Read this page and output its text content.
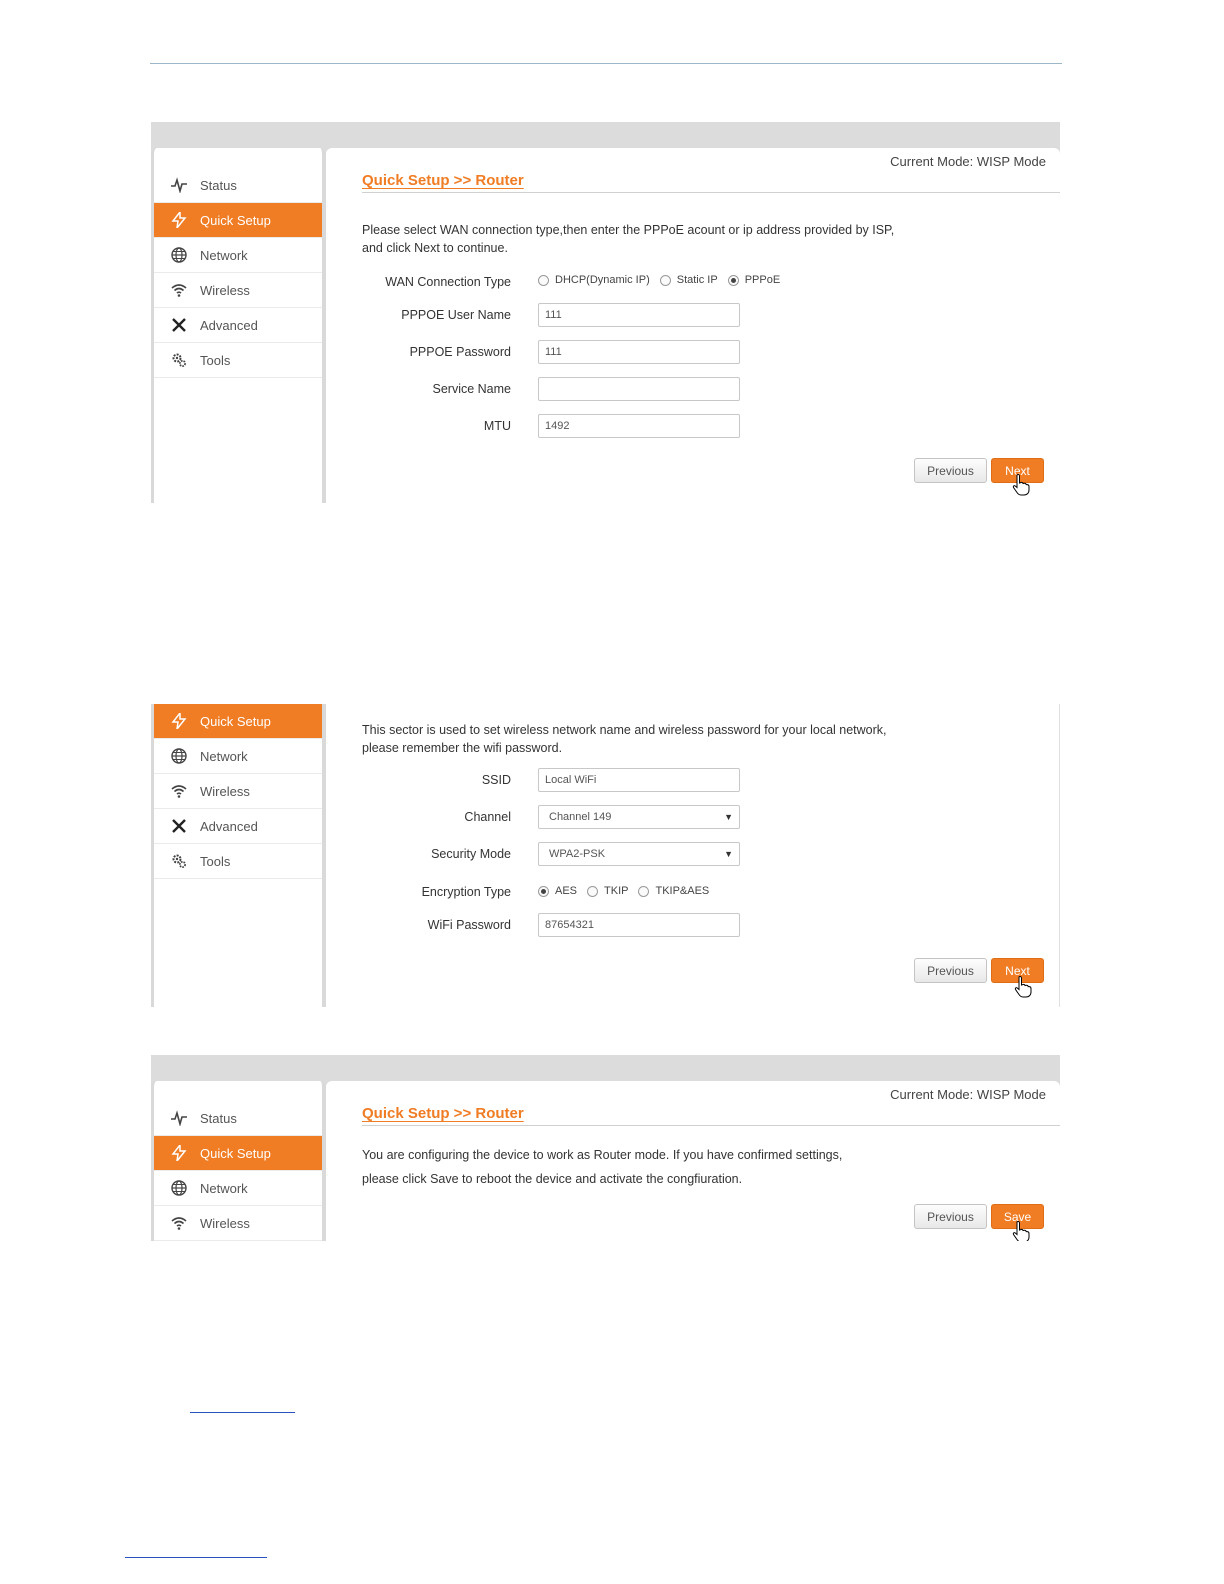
Status
Quick Setup
Network
Wireless
Advanced
Tools
Current Mode: WISP Mode
Quick Setup >> Router
Please select WAN connection type,then enter the PPPoE acount or ip address provided by ISP,
and click Next to continue.
WAN Connection Type	DHCP(Dynamic IP) Static IP PPPoE
PPPOE User Name	111
PPPOE Password	111
Service Name
MTU	1492
Previous	Next
Quick Setup
Network
Wireless
Advanced
Tools
This sector is used to set wireless network name and wireless password for your local network,
please remember the wifi password.
SSID	Local WiFi
Channel	Channel 149	▼
Security Mode	WPA2-PSK	▼
Encryption Type	AES TKIP TKIP&AES
WiFi Password	87654321
Previous	Next
Status
Quick Setup
Network
Wireless
Current Mode: WISP Mode
Quick Setup >> Router
You are configuring the device to work as Router mode. If you have confirmed settings,
please click Save to reboot the device and activate the congfiuration.
Previous	Save
